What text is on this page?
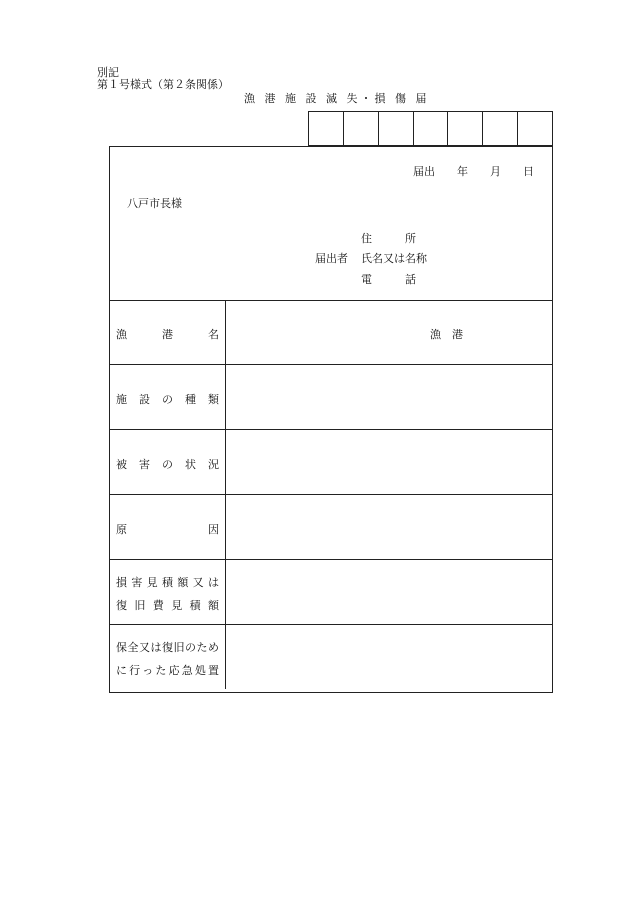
別記
第１号様式（第２条関係）
漁 港 施 設 滅 失・損 傷 届
届出　　年　　月　　日
八戸市長様
届出者
住　　　所
氏名又は名称
電　　　話
漁港名	漁　港
施設の種類
被害の状況
原因
損害見積額又は
復旧費見積額
保全又は復旧のため
に行った応急処置
